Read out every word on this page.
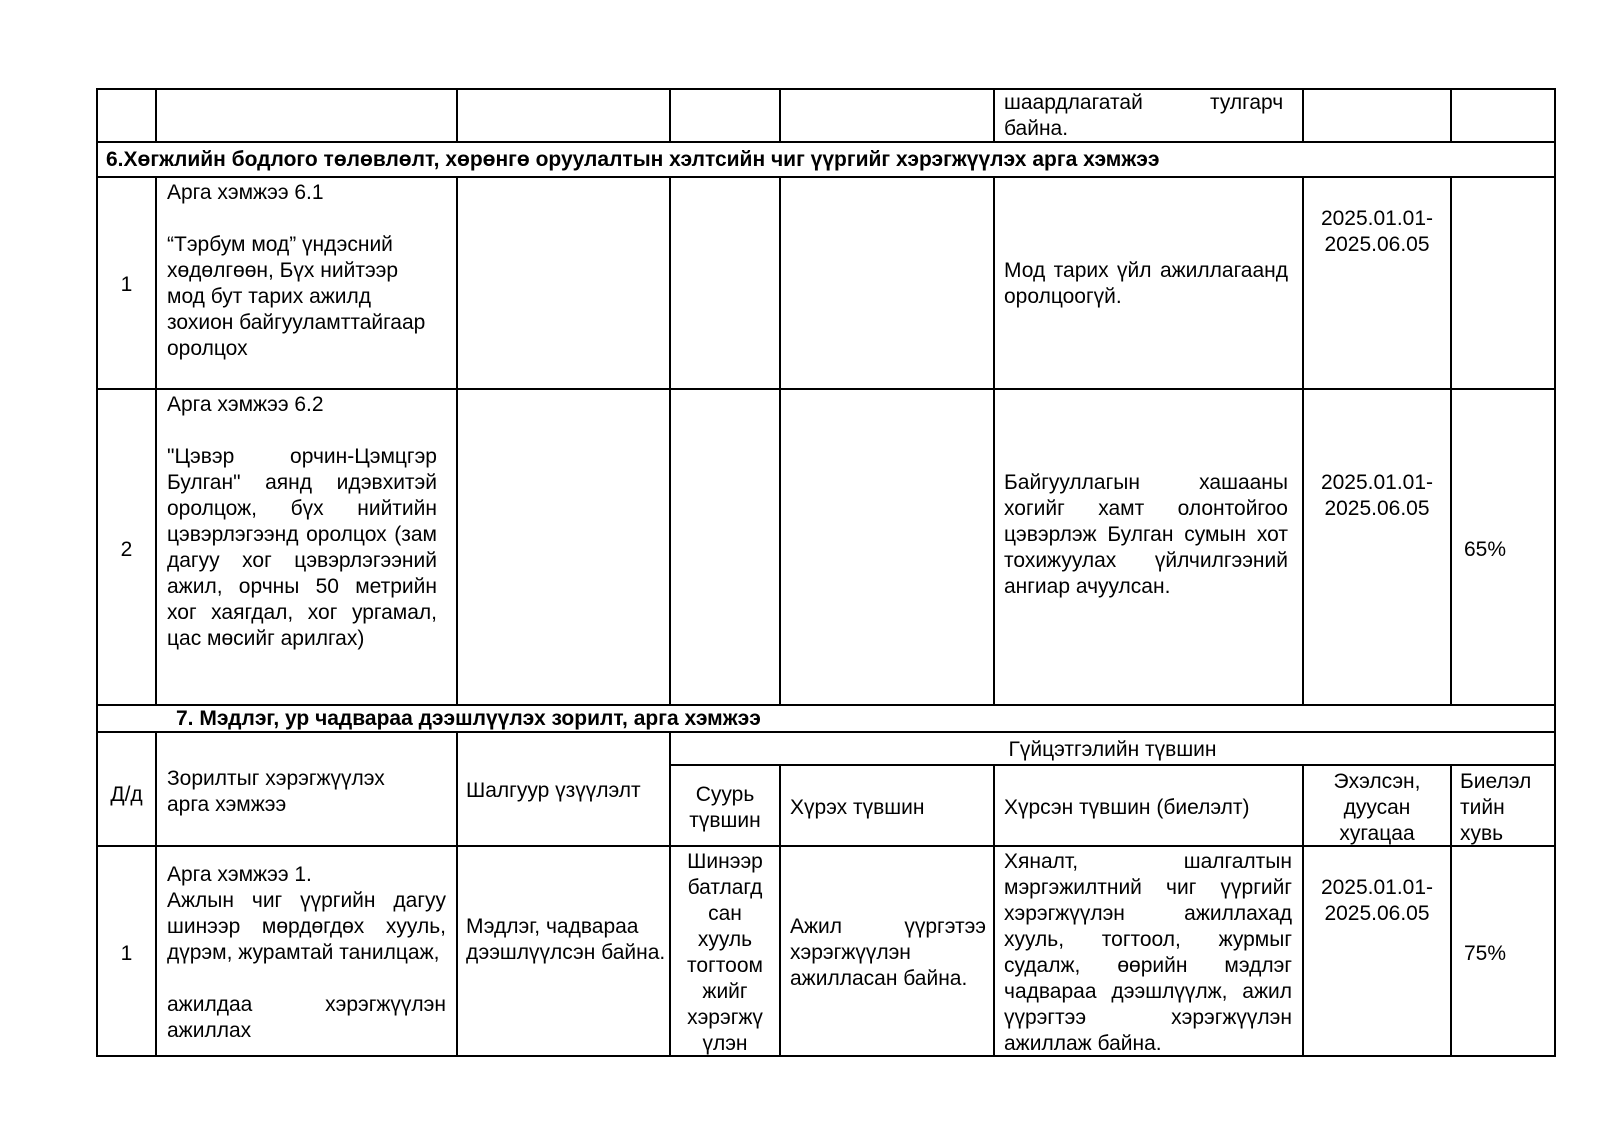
шаардлагатай	тулгарч
байна.
6.Хөгжлийн бодлого төлөвлөлт, хөрөнгө оруулалтын хэлтсийн чиг үүргийг хэрэгжүүлэх арга хэмжээ
1
Арга хэмжээ 6.1
“Тэрбум мод” үндэсний хөдөлгөөн, Бүх нийтээр мод бут тарих ажилд зохион байгууламттайгаар оролцох
Мод тарих үйл ажиллагаанд оролцоогүй.
2025.01.01-
2025.06.05
2
Арга хэмжээ 6.2
"Цэвэр орчин-Цэмцгэр Булган" аянд идэвхитэй оролцож, бүх нийтийн цэвэрлэгээнд оролцох (зам дагуу хог цэвэрлэгээний ажил, орчны 50 метрийн хог хаягдал, хог ургамал, цас мөсийг арилгах)
Байгууллагын хашааны хогийг хамт олонтойгоо цэвэрлэж Булган сумын хот тохижуулах үйлчилгээний ангиар ачуулсан.
2025.01.01-
2025.06.05
65%
7. Мэдлэг, ур чадвараа дээшлүүлэх зорилт, арга хэмжээ
Д/д
Зорилтыг хэрэгжүүлэх
арга хэмжээ
Шалгуур үзүүлэлт
Гүйцэтгэлийн түвшин
Суурь
түвшин
Хүрэх түвшин	Хүрсэн түвшин (биелэлт)
Эхэлсэн,
дуусан
хугацаа
Биелэл
тийн
хувь
1
Арга хэмжээ 1.
Ажлын чиг үүргийн дагуу шинээр мөрдөгдөх хууль, дүрэм, журамтай танилцаж,
ажилдаа хэрэгжүүлэн ажиллах
Мэдлэг, чадвараа дээшлүүлсэн байна.
Шинээр
батлагд
сан
хууль
тогтоом
жийг
хэрэгжү
үлэн
Ажил үүргэтээ хэрэгжүүлэн ажилласан байна.
Хяналт, шалгалтын мэргэжилтний чиг үүргийг хэрэгжүүлэн ажиллахад хууль, тогтоол, журмыг судалж, өөрийн мэдлэг чадвараа дээшлүүлж, ажил үүрэгтээ хэрэгжүүлэн ажиллаж байна.
2025.01.01-
2025.06.05
75%
